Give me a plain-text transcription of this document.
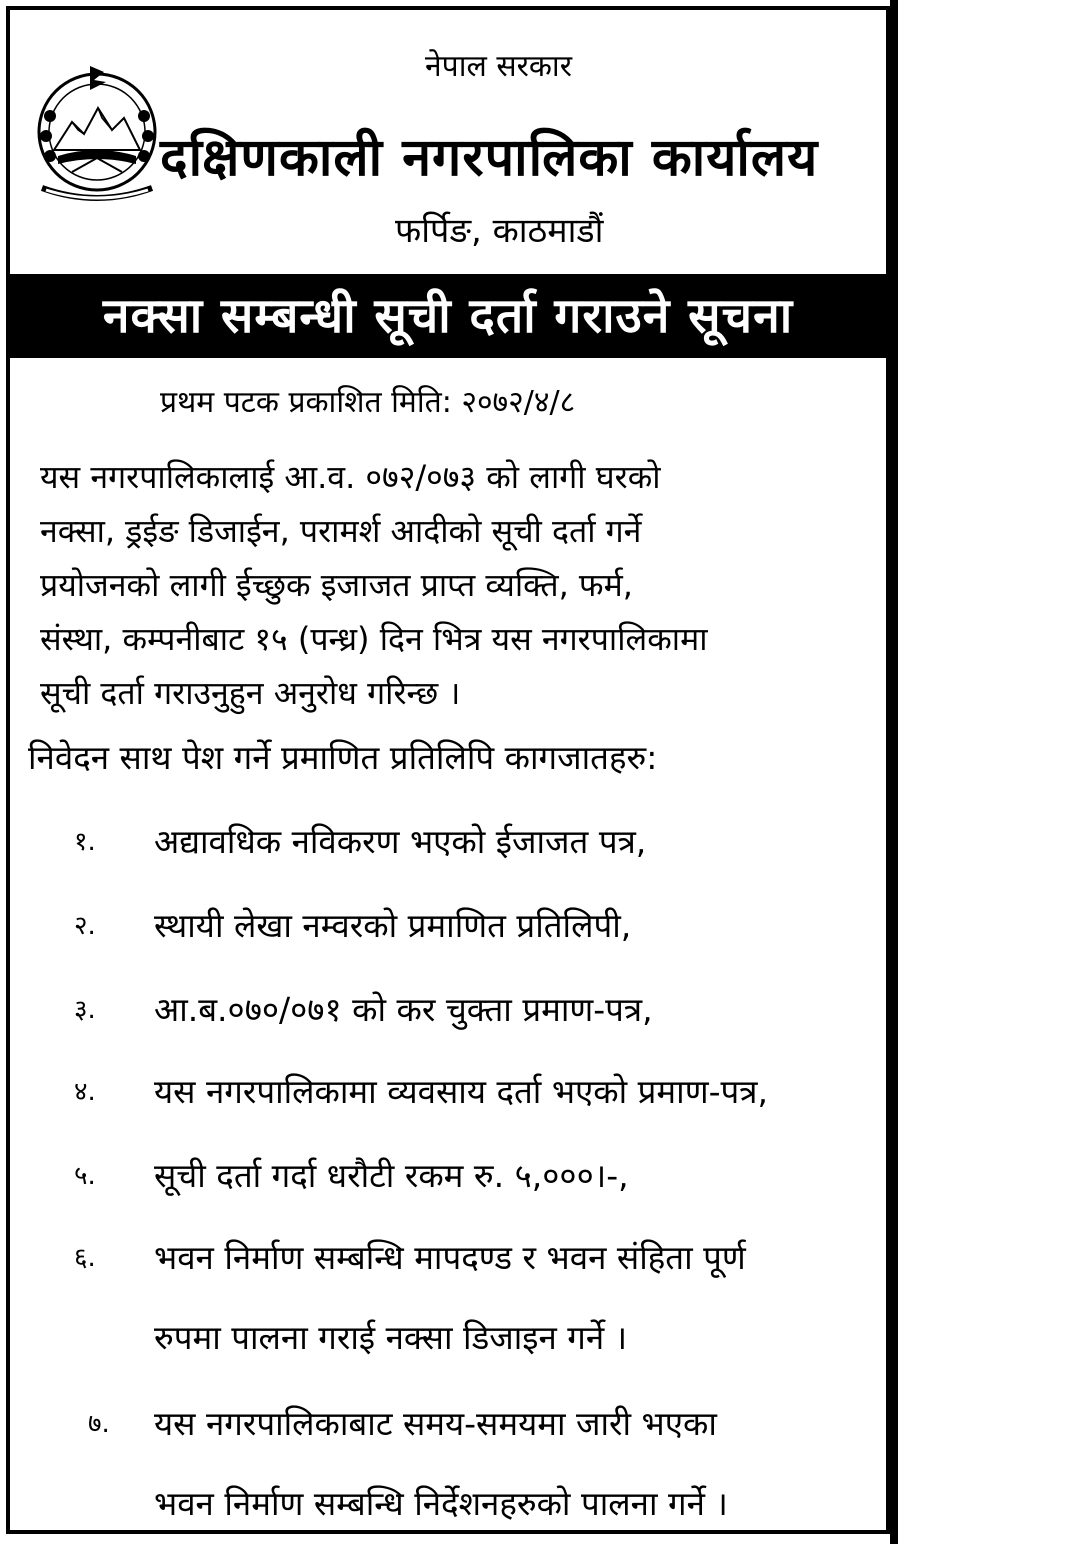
नेपाल सरकार
दक्षिणकाली नगरपालिका कार्यालय
फर्पिङ, काठमाडौं
नक्सा सम्बन्धी सूची दर्ता गराउने सूचना
प्रथम पटक प्रकाशित मिति: २०७२/४/८
यस नगरपालिकालाई आ.व. ०७२/०७३ को लागी घरको
नक्सा, ड्रईङ डिजाईन, परामर्श आदीको सूची दर्ता गर्ने
प्रयोजनको लागी ईच्छुक इजाजत प्राप्त व्यक्ति, फर्म,
संस्था, कम्पनीबाट १५ (पन्ध्र) दिन भित्र यस नगरपालिकामा
सूची दर्ता गराउनुहुन अनुरोध गरिन्छ ।
निवेदन साथ पेश गर्ने प्रमाणित प्रतिलिपि कागजातहरु:
१. अद्यावधिक नविकरण भएको ईजाजत पत्र,
२. स्थायी लेखा नम्वरको प्रमाणित प्रतिलिपी,
३. आ.ब.०७०/०७१ को कर चुक्ता प्रमाण-पत्र,
४. यस नगरपालिकामा व्यवसाय दर्ता भएको प्रमाण-पत्र,
५. सूची दर्ता गर्दा धरौटी रकम रु. ५,०००।-,
६. भवन निर्माण सम्बन्धि मापदण्ड र भवन संहिता पूर्ण
रुपमा पालना गराई नक्सा डिजाइन गर्ने ।
७. यस नगरपालिकाबाट समय-समयमा जारी भएका
भवन निर्माण सम्बन्धि निर्देशनहरुको पालना गर्ने ।
